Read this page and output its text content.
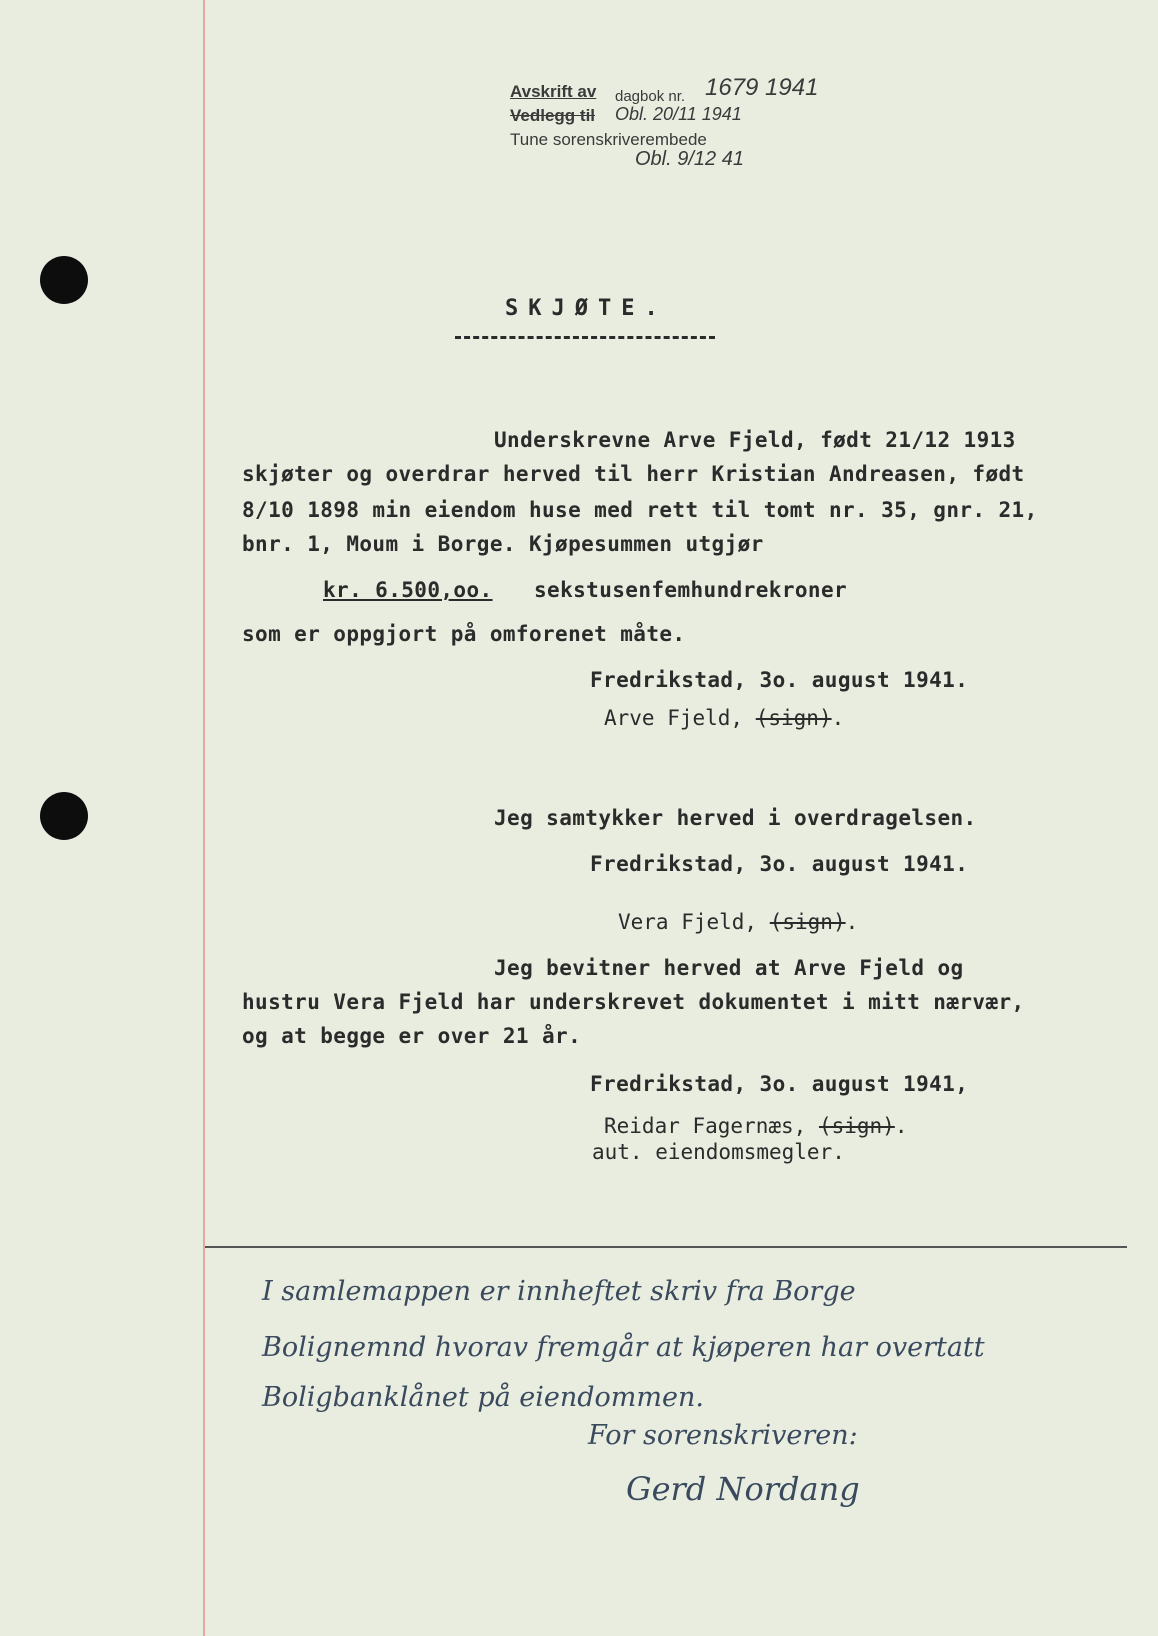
Avskrift av dagbok nr. 1679 1941
Vedlegg til Obl. 20/11 1941
Tune sorenskriverembede
Obl. 9/12 41
SKJØTE.
Underskrevne Arve Fjeld, født 21/12 1913
skjøter og overdrar herved til herr Kristian Andreasen, født
8/10 1898 min eiendom huse med rett til tomt nr. 35, gnr. 21,
bnr. 1, Moum i Borge. Kjøpesummen utgjør
kr. 6.500,oo. sekstusenfemhundrekroner
som er oppgjort på omforenet måte.
Fredrikstad, 3o. august 1941.
Arve Fjeld, (sign).
Jeg samtykker herved i overdragelsen.
Fredrikstad, 3o. august 1941.
Vera Fjeld, (sign).
Jeg bevitner herved at Arve Fjeld og
hustru Vera Fjeld har underskrevet dokumentet i mitt nærvær,
og at begge er over 21 år.
Fredrikstad, 3o. august 1941,
Reidar Fagernæs, (sign).
aut. eiendomsmegler.
I samlemappen er innheftet skriv fra Borge
Bolignemnd hvorav fremgår at kjøperen har overtatt
Boligbanklånet på eiendommen.
For sorenskriveren:
Gerd Nordang
